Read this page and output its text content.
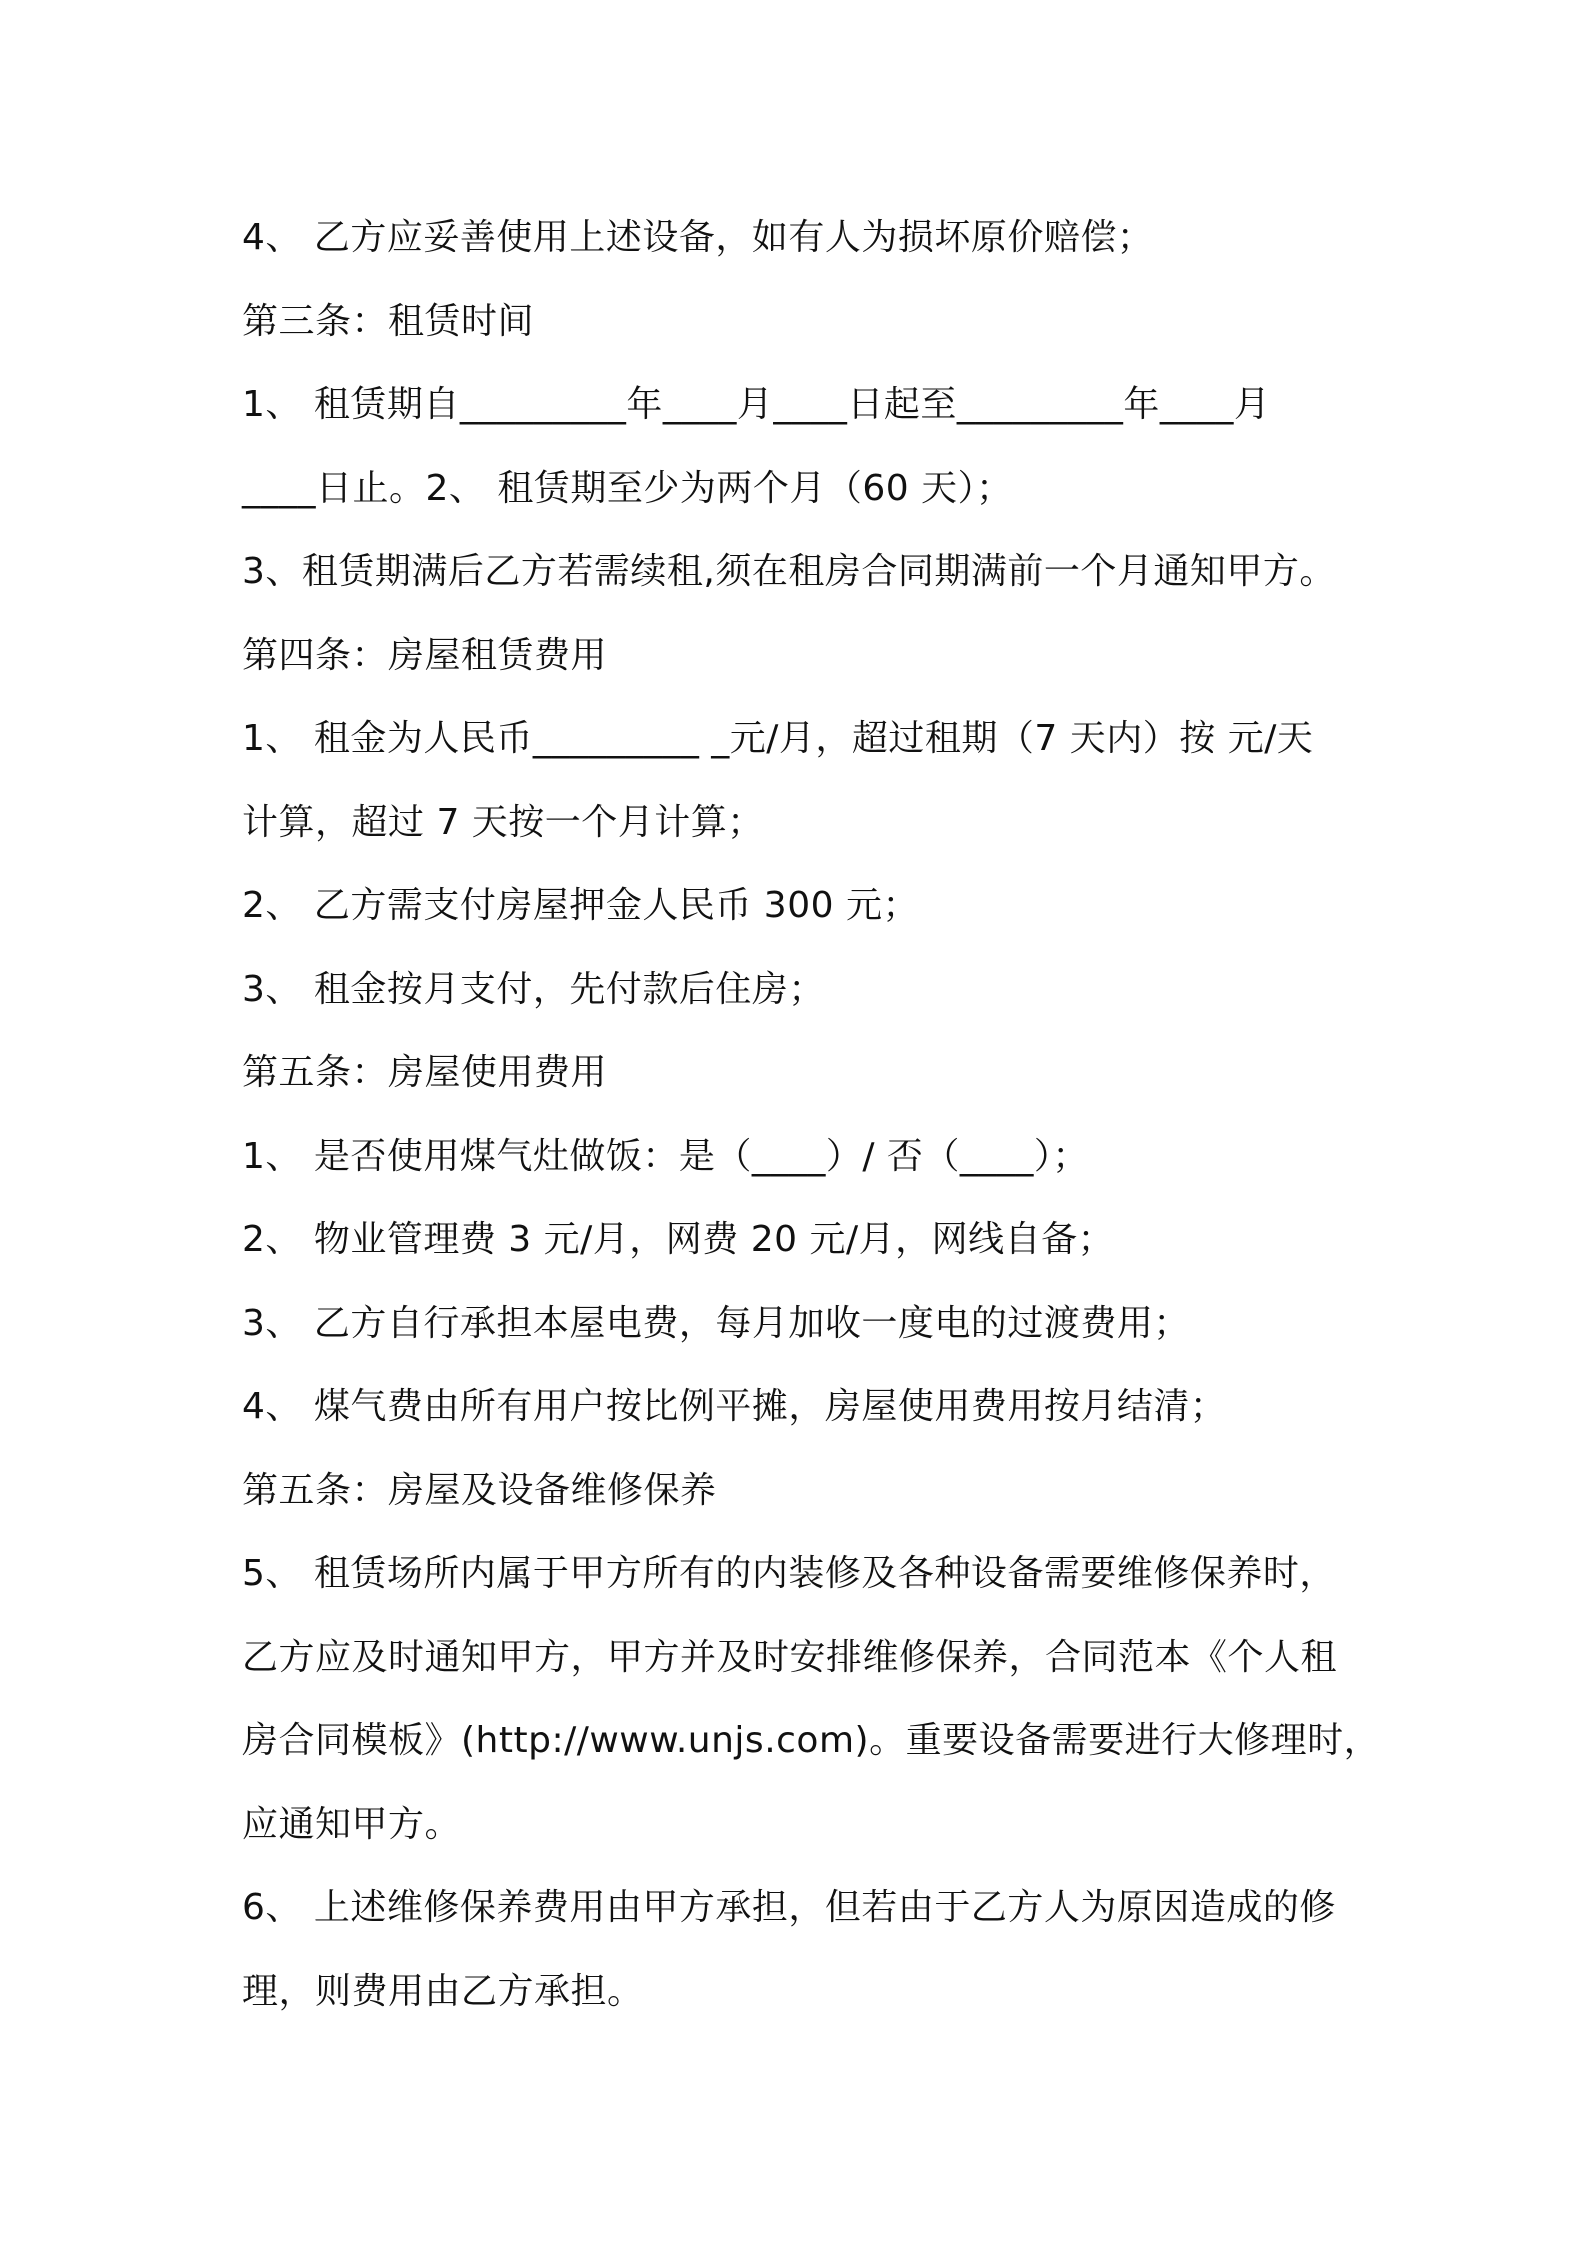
4、 乙方应妥善使用上述设备，如有人为损坏原价赔偿；
第三条：租赁时间
1、 租赁期自_________年____月____日起至_________年____月
____日止。2、 租赁期至少为两个月（60 天）；
3、租赁期满后乙方若需续租,须在租房合同期满前一个月通知甲方。
第四条：房屋租赁费用
1、 租金为人民币_________ _元/月，超过租期（7 天内）按 元/天
计算，超过 7 天按一个月计算；
2、 乙方需支付房屋押金人民币 300 元；
3、 租金按月支付，先付款后住房；
第五条：房屋使用费用
1、 是否使用煤气灶做饭：是（____）/ 否（____）；
2、 物业管理费 3 元/月，网费 20 元/月，网线自备；
3、 乙方自行承担本屋电费，每月加收一度电的过渡费用；
4、 煤气费由所有用户按比例平摊，房屋使用费用按月结清；
第五条：房屋及设备维修保养
5、 租赁场所内属于甲方所有的内装修及各种设备需要维修保养时，
乙方应及时通知甲方，甲方并及时安排维修保养，合同范本《个人租
房合同模板》(http://www.unjs.com)。重要设备需要进行大修理时，
应通知甲方。
6、 上述维修保养费用由甲方承担，但若由于乙方人为原因造成的修
理，则费用由乙方承担。
